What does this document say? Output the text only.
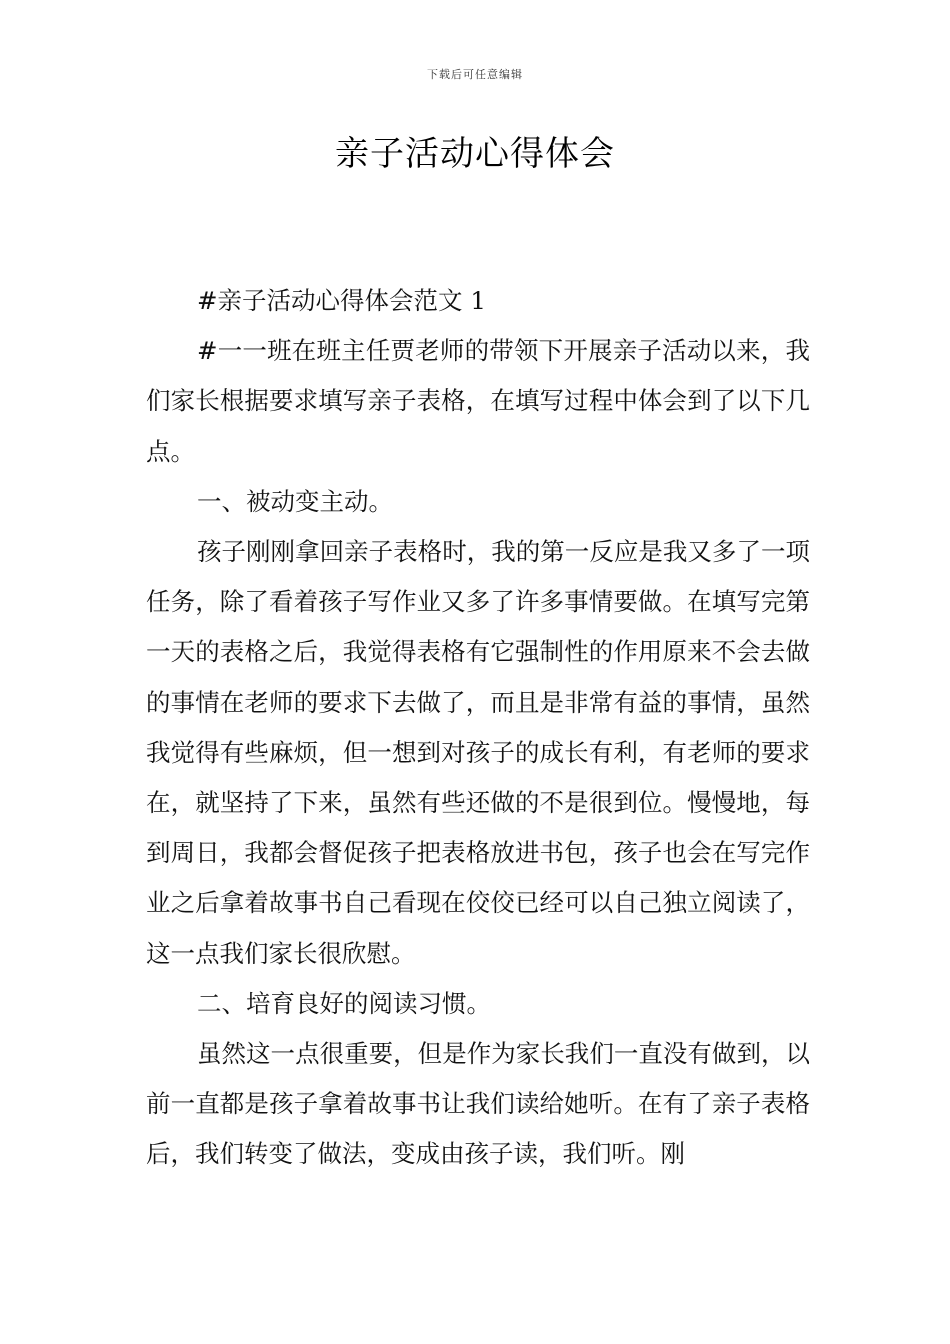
下载后可任意编辑
亲子活动心得体会

#亲子活动心得体会范文 1

#一一班在班主任贾老师的带领下开展亲子活动以来，我们家长根据要求填写亲子表格，在填写过程中体会到了以下几点。

一、被动变主动。

孩子刚刚拿回亲子表格时，我的第一反应是我又多了一项任务，除了看着孩子写作业又多了许多事情要做。在填写完第一天的表格之后，我觉得表格有它强制性的作用原来不会去做的事情在老师的要求下去做了，而且是非常有益的事情，虽然我觉得有些麻烦，但一想到对孩子的成长有利，有老师的要求在，就坚持了下来，虽然有些还做的不是很到位。慢慢地，每到周日，我都会督促孩子把表格放进书包，孩子也会在写完作业之后拿着故事书自己看现在佼佼已经可以自己独立阅读了，这一点我们家长很欣慰。

二、培育良好的阅读习惯。

虽然这一点很重要，但是作为家长我们一直没有做到，以前一直都是孩子拿着故事书让我们读给她听。在有了亲子表格后，我们转变了做法，变成由孩子读，我们听。刚
